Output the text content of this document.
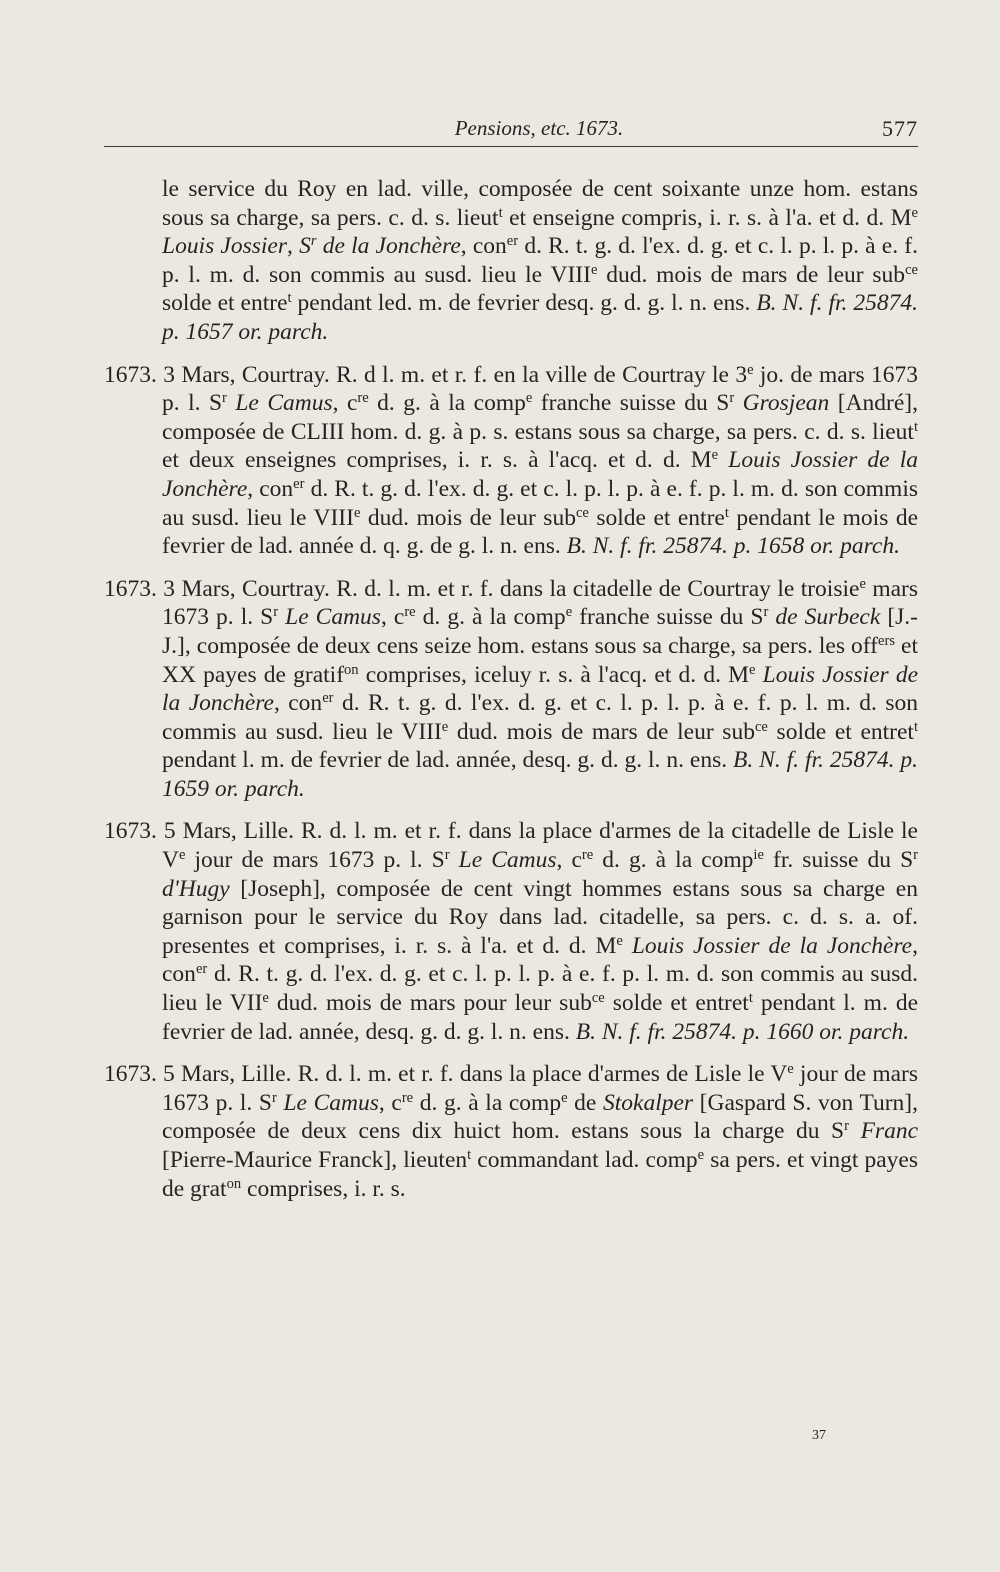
Pensions, etc. 1673.	577

le service du Roy en lad. ville, composée de cent soixante unze hom. estans sous sa charge, sa pers. c. d. s. lieut$^t$ et enseigne compris, i. r. s. à l'a. et d. d. Me Louis Jossier, $S^r$ de la Jonchère, con$^{er}$ d. R. t. g. d. l'ex. d. g. et c. l. p. l. p. à e. f. p. l. m. d. son commis au susd. lieu le VIIIe dud. mois de mars de leur sub$^{ce}$ solde et entre$^t$ pendant led. m. de fevrier desq. g. d. g. l. n. ens. B. N. f. fr. 25874. p. 1657 or. parch.

1673. 3 Mars, Courtray. R. d l. m. et r. f. en la ville de Courtray le 3e jo. de mars 1673 p. l. $S^r$ Le Camus, $c^{re}$ d. g. à la comp$^e$ franche suisse du $S^r$ Grosjean [André], composée de CLIII hom. d. g. à p. s. estans sous sa charge, sa pers. c. d. s. lieut$^t$ et deux enseignes comprises, i. r. s. à l'acq. et d. d. Me Louis Jossier de la Jonchère, con$^{er}$ d. R. t. g. d. l'ex. d. g. et c. l. p. l. p. à e. f. p. l. m. d. son commis au susd. lieu le VIIIe dud. mois de leur sub$^{ce}$ solde et entre$^t$ pendant le mois de fevrier de lad. année d. q. g. de g. l. n. ens. B. N. f. fr. 25874. p. 1658 or. parch.

1673. 3 Mars, Courtray. R. d. l. m. et r. f. dans la citadelle de Courtray le troisie$^e$ mars 1673 p. l. $S^r$ Le Camus, $c^{re}$ d. g. à la comp$^e$ franche suisse du $S^r$ de Surbeck [J.-J.], composée de deux cens seize hom. estans sous sa charge, sa pers. les off$^{ers}$ et XX payes de gratif$^{on}$ comprises, iceluy r. s. à l'acq. et d. d. Me Louis Jossier de la Jonchère, con$^{er}$ d. R. t. g. d. l'ex. d. g. et c. l. p. l. p. à e. f. p. l. m. d. son commis au susd. lieu le VIIIe dud. mois de mars de leur sub$^{ce}$ solde et entret$^t$ pendant l. m. de fevrier de lad. année, desq. g. d. g. l. n. ens. B. N. f. fr. 25874. p. 1659 or. parch.

1673. 5 Mars, Lille. R. d. l. m. et r. f. dans la place d'armes de la citadelle de Lisle le Ve jour de mars 1673 p. l. $S^r$ Le Camus, $c^{re}$ d. g. à la comp$^{ie}$ fr. suisse du $S^r$ d'Hugy [Joseph], composée de cent vingt hommes estans sous sa charge en garnison pour le service du Roy dans lad. citadelle, sa pers. c. d. s. a. of. presentes et comprises, i. r. s. à l'a. et d. d. Me Louis Jossier de la Jonchère, con$^{er}$ d. R. t. g. d. l'ex. d. g. et c. l. p. l. p. à e. f. p. l. m. d. son commis au susd. lieu le VIIe dud. mois de mars pour leur sub$^{ce}$ solde et entret$^t$ pendant l. m. de fevrier de lad. année, desq. g. d. g. l. n. ens. B. N. f. fr. 25874. p. 1660 or. parch.

1673. 5 Mars, Lille. R. d. l. m. et r. f. dans la place d'armes de Lisle le Ve jour de mars 1673 p. l. $S^r$ Le Camus, $c^{re}$ d. g. à la comp$^e$ de Stokalper [Gaspard S. von Turn], composée de deux cens dix huict hom. estans sous la charge du $S^r$ Franc [Pierre-Maurice Franck], lieuten$^t$ commandant lad. comp$^e$ sa pers. et vingt payes de grat$^{on}$ comprises, i. r. s.

37
